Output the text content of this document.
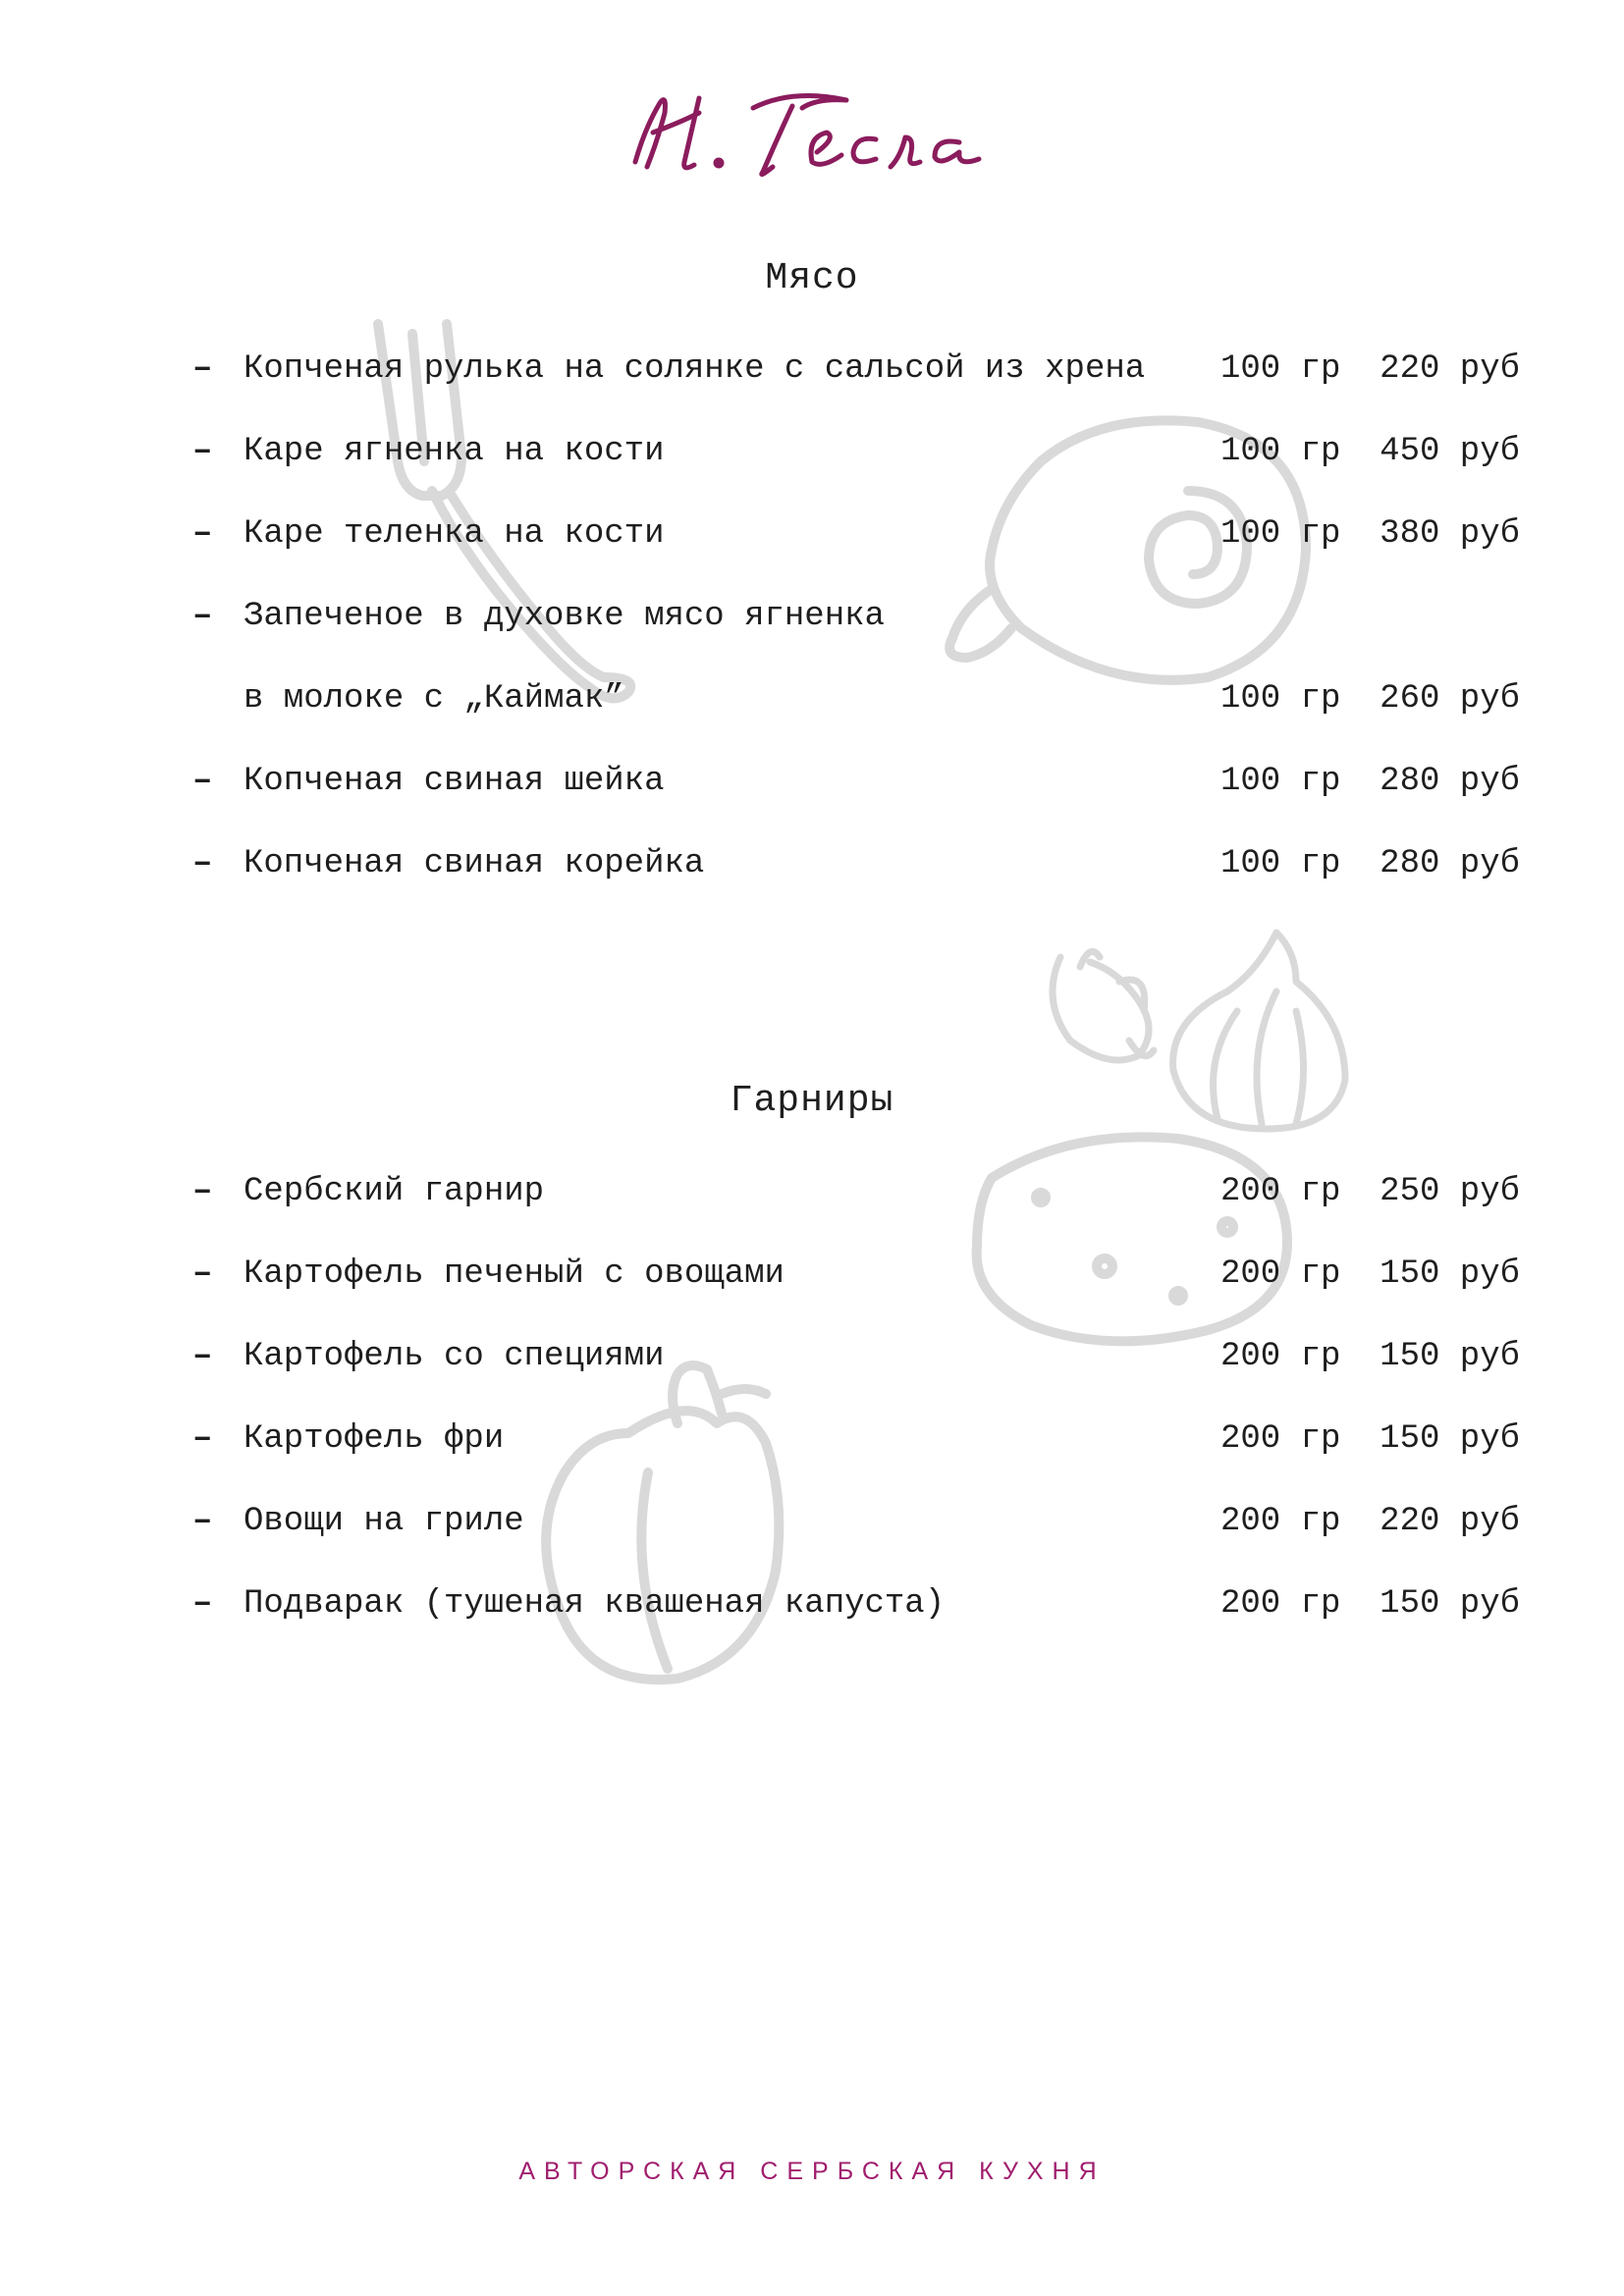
Мясо
– Копченая рулька на солянке с сальсой из хрена 100 гр	220 руб
– Каре ягненка на кости	100 гр	450 руб
– Каре теленка на кости	100 гр	380 руб
– Запеченое в духовке мясо ягненка
в молоке с „Каймак”	100 гр	260 руб
– Копченая свиная шейка	100 гр	280 руб
– Копченая свиная корейка	100 гр	280 руб
Гарниры
– Сербский гарнир	200 гр	250 руб
– Картофель печеный с овощами	200 гр	150 руб
– Картофель со специями	200 гр	150 руб
– Картофель фри	200 гр	150 руб
– Овощи на гриле	200 гр	220 руб
– Подварак (тушеная квашеная капуста)	200 гр	150 руб
АВТОРСКАЯ СЕРБСКАЯ КУХНЯ
